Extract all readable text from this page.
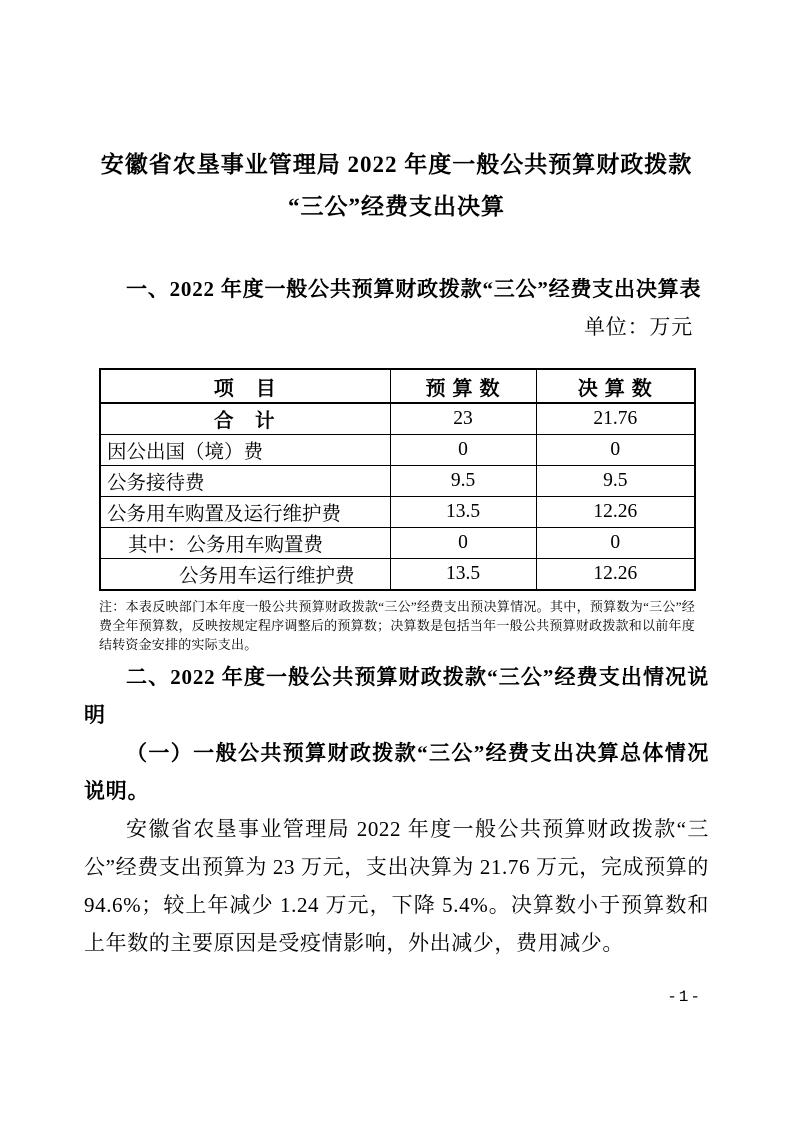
安徽省农垦事业管理局 2022 年度一般公共预算财政拨款
“三公”经费支出决算

一、2022 年度一般公共预算财政拨款“三公”经费支出决算表

单位：万元
项　目	预 算 数	决 算 数
合　计	23	21.76
因公出国（境）费	0	0
公务接待费	9.5	9.5
公务用车购置及运行维护费	13.5	12.26
其中：公务用车购置费	0	0
公务用车运行维护费	13.5	12.26

注：本表反映部门本年度一般公共预算财政拨款“三公”经费支出预决算情况。其中，预算数为“三公”经费全年预算数，反映按规定程序调整后的预算数；决算数是包括当年一般公共预算财政拨款和以前年度结转资金安排的实际支出。

二、2022 年度一般公共预算财政拨款“三公”经费支出情况说明

（一）一般公共预算财政拨款“三公”经费支出决算总体情况说明。

安徽省农垦事业管理局 2022 年度一般公共预算财政拨款“三公”经费支出预算为 23 万元，支出决算为 21.76 万元，完成预算的 94.6%；较上年减少 1.24 万元，下降 5.4%。决算数小于预算数和上年数的主要原因是受疫情影响，外出减少，费用减少。

-1-
